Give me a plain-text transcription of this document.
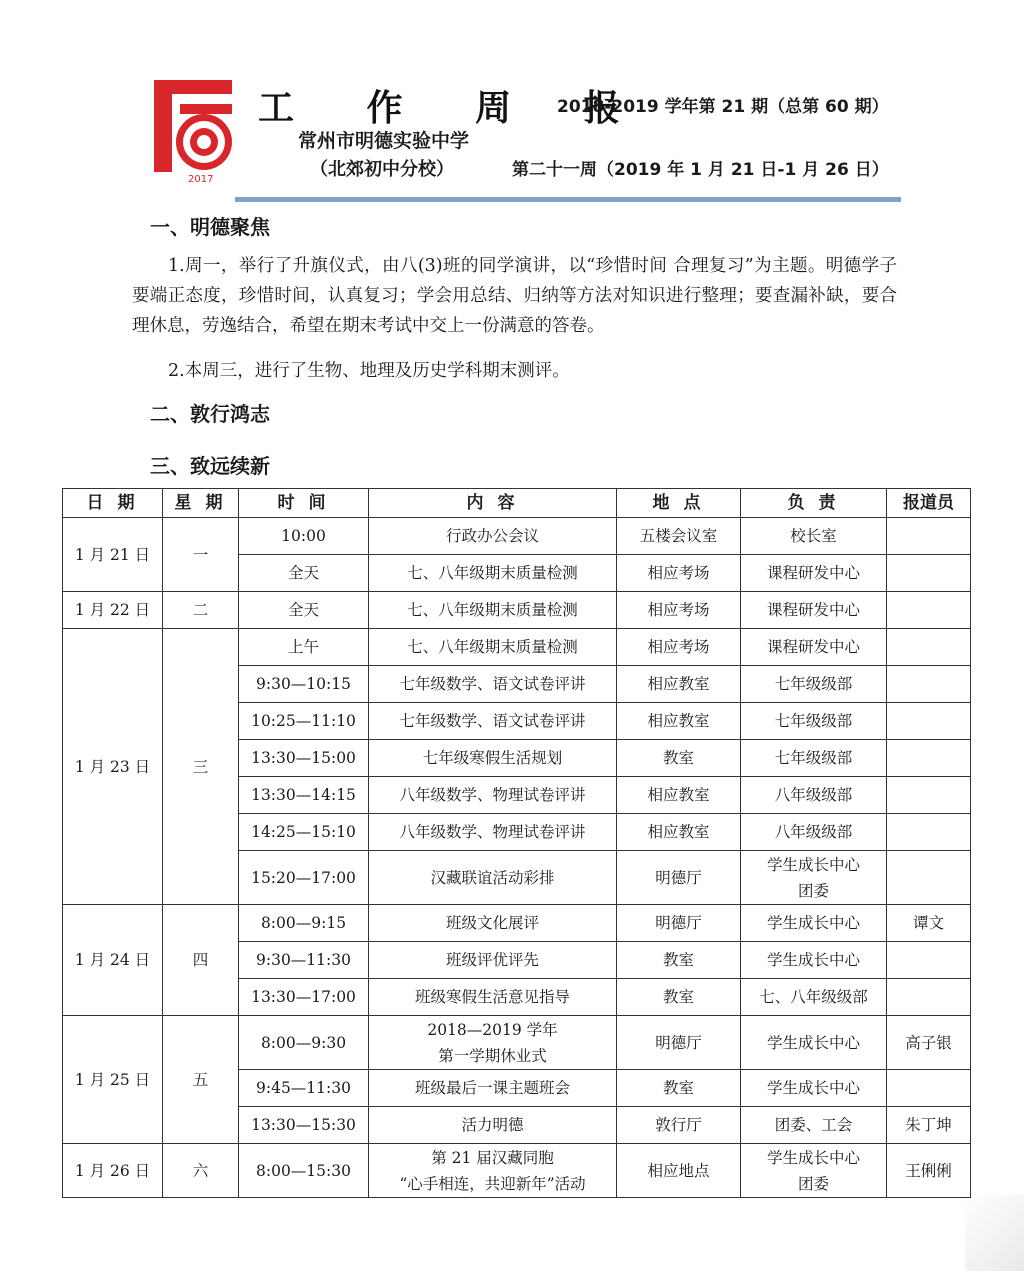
2017
工 作 周 报
2018-2019 学年第 21 期（总第 60 期）
常州市明德实验中学
（北郊初中分校）	第二十一周（2019 年 1 月 21 日-1 月 26 日）
一、明德聚焦
1.周一，举行了升旗仪式，由八(3)班的同学演讲，以“珍惜时间 合理复习”为主题。明德学子要端正态度，珍惜时间，认真复习；学会用总结、归纳等方法对知识进行整理；要查漏补缺，要合理休息，劳逸结合，希望在期末考试中交上一份满意的答卷。
2.本周三，进行了生物、地理及历史学科期末测评。
二、敦行鸿志
三、致远续新
日 期	星 期	时 间	内 容	地 点	负 责	报道员
1 月 21 日	一	10:00	行政办公会议	五楼会议室	校长室	
		全天	七、八年级期末质量检测	相应考场	课程研发中心	
1 月 22 日	二	全天	七、八年级期末质量检测	相应考场	课程研发中心	
1 月 23 日	三	上午	七、八年级期末质量检测	相应考场	课程研发中心	
		9:30—10:15	七年级数学、语文试卷评讲	相应教室	七年级级部	
		10:25—11:10	七年级数学、语文试卷评讲	相应教室	七年级级部	
		13:30—15:00	七年级寒假生活规划	教室	七年级级部	
		13:30—14:15	八年级数学、物理试卷评讲	相应教室	八年级级部	
		14:25—15:10	八年级数学、物理试卷评讲	相应教室	八年级级部	
		15:20—17:00	汉藏联谊活动彩排	明德厅	学生成长中心
团委	
1 月 24 日	四	8:00—9:15	班级文化展评	明德厅	学生成长中心	谭文
		9:30—11:30	班级评优评先	教室	学生成长中心	
		13:30—17:00	班级寒假生活意见指导	教室	七、八年级级部	
1 月 25 日	五	8:00—9:30	2018—2019 学年
第一学期休业式	明德厅	学生成长中心	高子银
		9:45—11:30	班级最后一课主题班会	教室	学生成长中心	
		13:30—15:30	活力明德	敦行厅	团委、工会	朱丁坤
1 月 26 日	六	8:00—15:30	第 21 届汉藏同胞
“心手相连，共迎新年”活动	相应地点	学生成长中心
团委	王俐俐
